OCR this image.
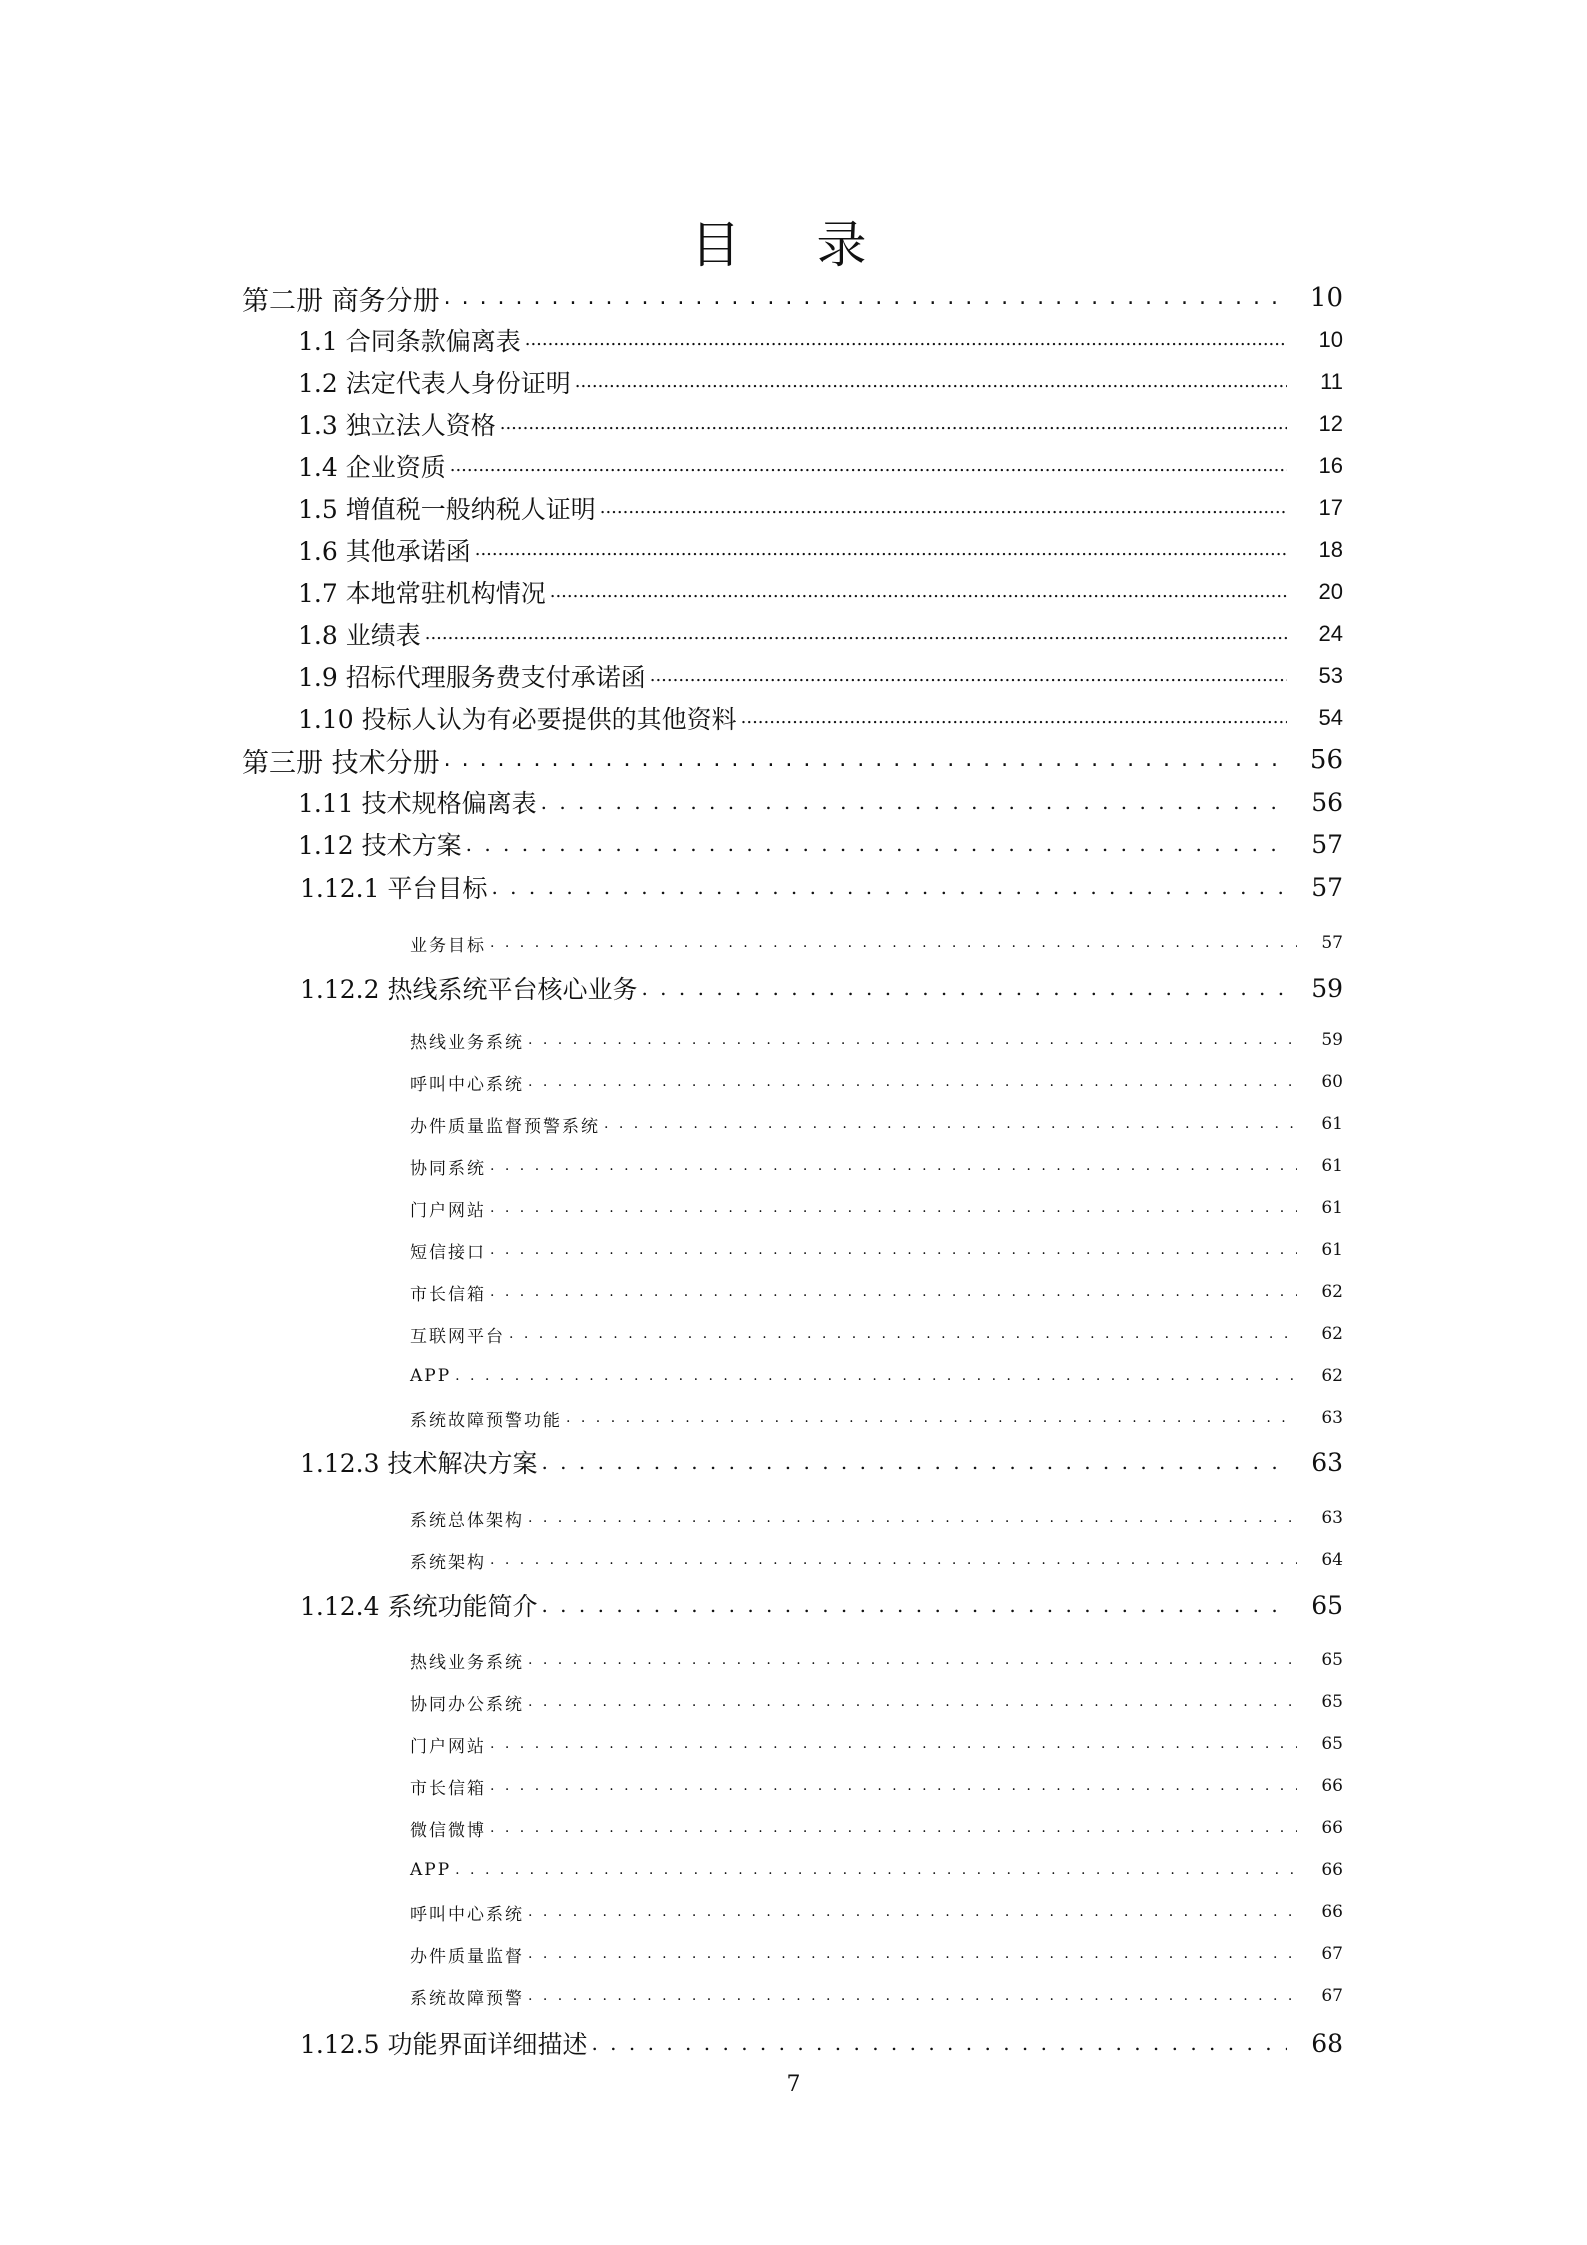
目 录
第二册 商务分册 . . .	10
1.1 合同条款偏离表 .....	10
1.2 法定代表人身份证明 .....	11
1.3 独立法人资格 .....	12
1.4 企业资质 .....	16
1.5 增值税一般纳税人证明 .....	17
1.6 其他承诺函 .....	18
1.7 本地常驻机构情况 .....	20
1.8 业绩表 .....	24
1.9 招标代理服务费支付承诺函 .....	53
1.10 投标人认为有必要提供的其他资料 .....	54
第三册 技术分册 . . .	56
1.11 技术规格偏离表 . . .	56
1.12 技术方案 . . .	57
1.12.1 平台目标 . . .	57
业务目标 . . .	57
1.12.2 热线系统平台核心业务 . . .	59
热线业务系统 . . .	59
呼叫中心系统 . . .	60
办件质量监督预警系统 . . .	61
协同系统 . . .	61
门户网站 . . .	61
短信接口 . . .	61
市长信箱 . . .	62
互联网平台 . . .	62
APP . . .	62
系统故障预警功能 . . .	63
1.12.3 技术解决方案 . . .	63
系统总体架构 . . .	63
系统架构 . . .	64
1.12.4 系统功能简介 . . .	65
热线业务系统 . . .	65
协同办公系统 . . .	65
门户网站 . . .	65
市长信箱 . . .	66
微信微博 . . .	66
APP . . .	66
呼叫中心系统 . . .	66
办件质量监督 . . .	67
系统故障预警 . . .	67
1.12.5 功能界面详细描述 . . .	68
7
